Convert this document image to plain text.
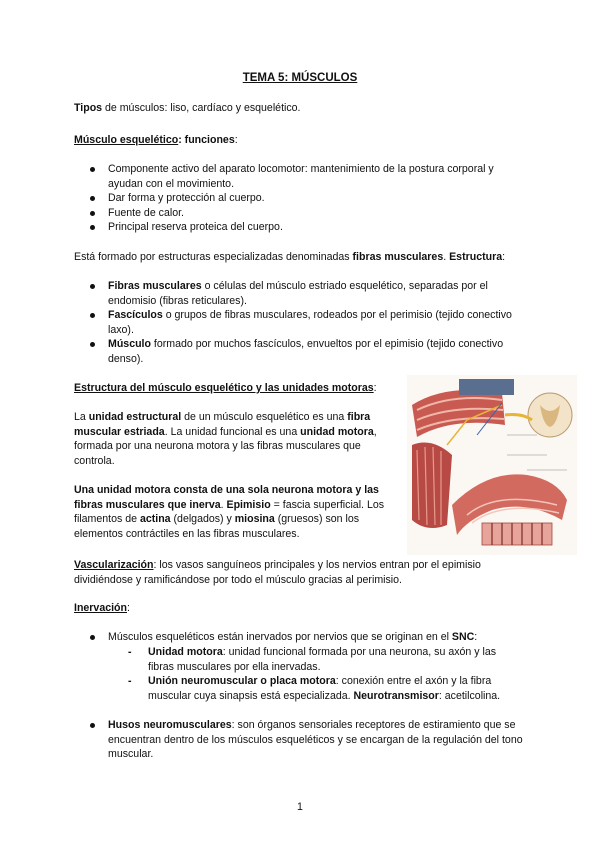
TEMA 5: MÚSCULOS

Tipos de músculos: liso, cardíaco y esquelético.

Músculo esquelético: funciones:

Componente activo del aparato locomotor: mantenimiento de la postura corporal y ayudan con el movimiento.
Dar forma y protección al cuerpo.
Fuente de calor.
Principal reserva proteica del cuerpo.

Está formado por estructuras especializadas denominadas fibras musculares. Estructura:

Fibras musculares o células del músculo estriado esquelético, separadas por el endomisio (fibras reticulares).
Fascículos o grupos de fibras musculares, rodeados por el perimisio (tejido conectivo laxo).
Músculo formado por muchos fascículos, envueltos por el epimisio (tejido conectivo denso).

Estructura del músculo esquelético y las unidades motoras:

La unidad estructural de un músculo esquelético es una fibra muscular estriada. La unidad funcional es una unidad motora, formada por una neurona motora y las fibras musculares que controla.

Una unidad motora consta de una sola neurona motora y las fibras musculares que inerva. Epimisio = fascia superficial. Los filamentos de actina (delgados) y miosina (gruesos) son los elementos contráctiles en las fibras musculares.

Vascularización: los vasos sanguíneos principales y los nervios entran por el epimisio dividiéndose y ramificándose por todo el músculo gracias al perimisio.

Inervación:

Músculos esqueléticos están inervados por nervios que se originan en el SNC:
- Unidad motora: unidad funcional formada por una neurona, su axón y las fibras musculares por ella inervadas.
- Unión neuromuscular o placa motora: conexión entre el axón y la fibra muscular cuya sinapsis está especializada. Neurotransmisor: acetilcolina.
Husos neuromusculares: son órganos sensoriales receptores de estiramiento que se encuentran dentro de los músculos esqueléticos y se encargan de la regulación del tono muscular.
1
